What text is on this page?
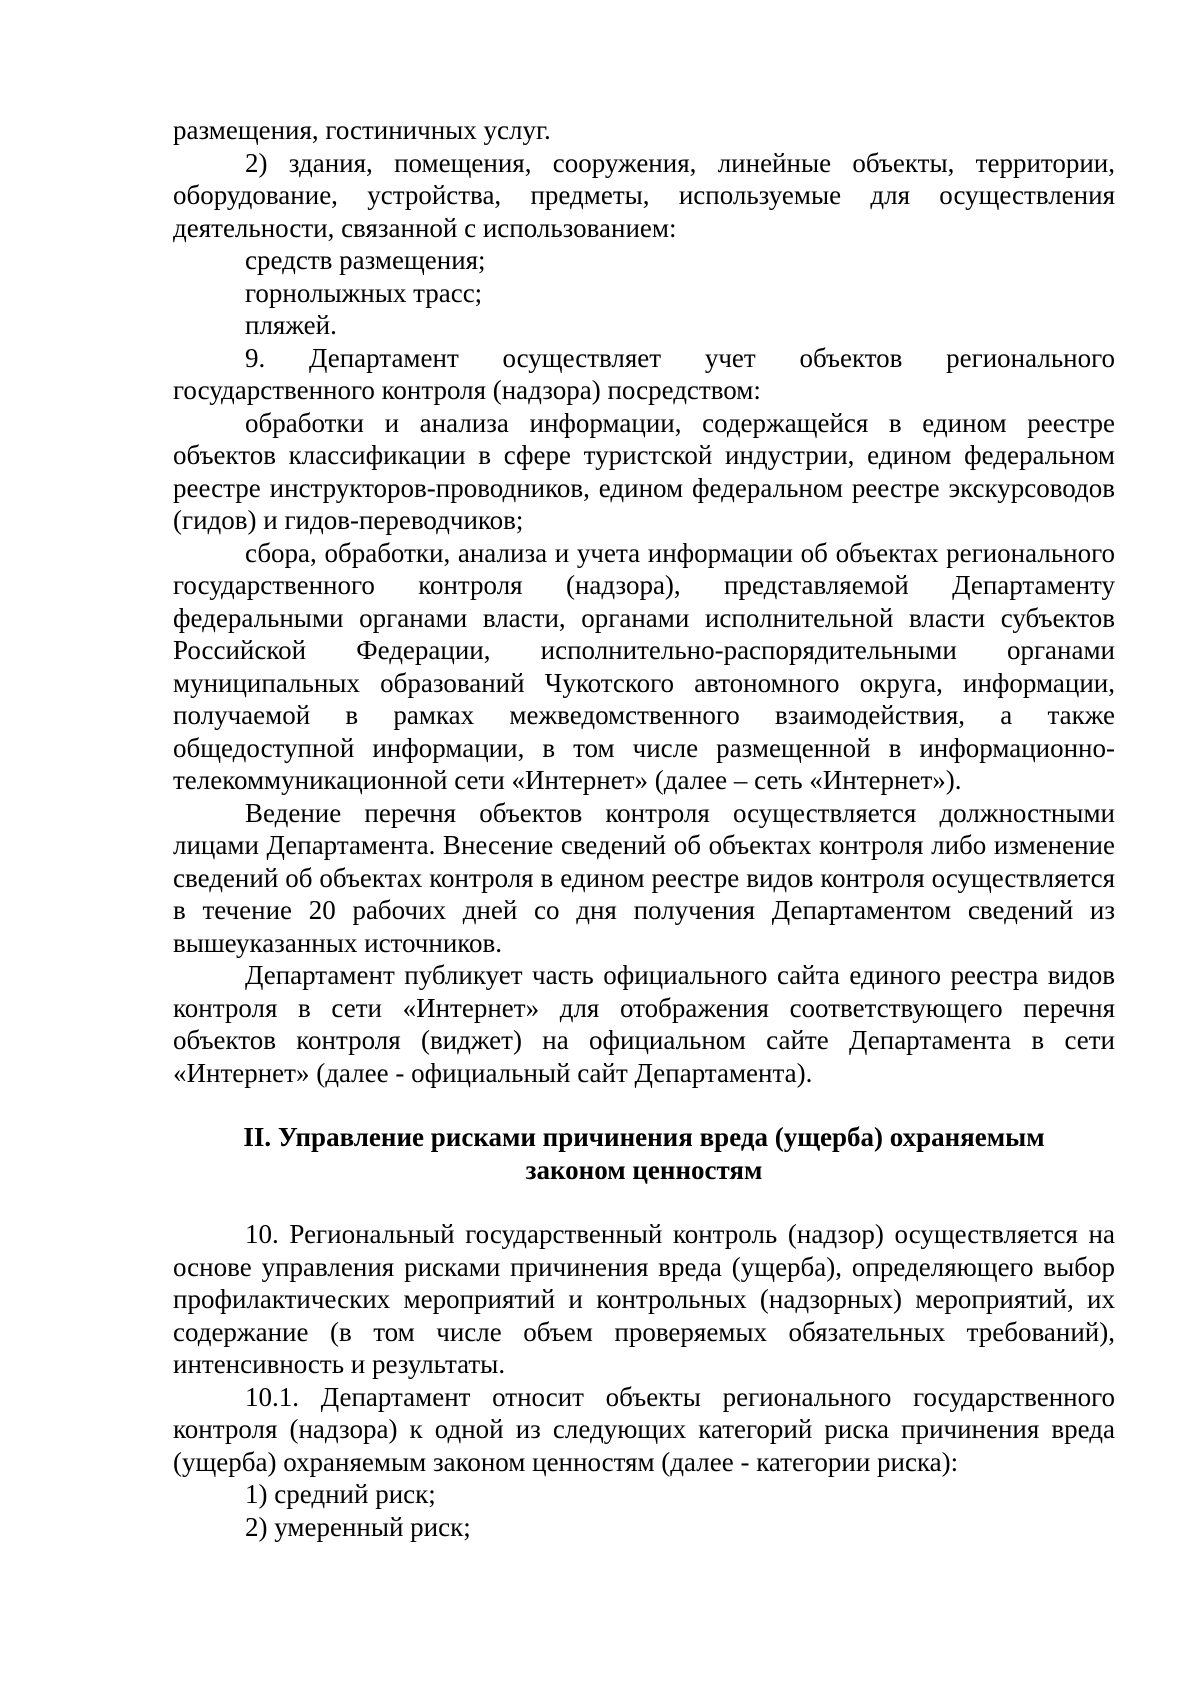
размещения, гостиничных услуг.

2) здания, помещения, сооружения, линейные объекты, территории, оборудование, устройства, предметы, используемые для осуществления деятельности, связанной с использованием:

средств размещения;

горнолыжных трасс;

пляжей.

9. Департамент осуществляет учет объектов регионального государственного контроля (надзора) посредством:

обработки и анализа информации, содержащейся в едином реестре объектов классификации в сфере туристской индустрии, едином федеральном реестре инструкторов-проводников, едином федеральном реестре экскурсоводов (гидов) и гидов-переводчиков;

сбора, обработки, анализа и учета информации об объектах регионального государственного контроля (надзора), представляемой Департаменту федеральными органами власти, органами исполнительной власти субъектов Российской Федерации, исполнительно-распорядительными органами муниципальных образований Чукотского автономного округа, информации, получаемой в рамках межведомственного взаимодействия, а также общедоступной информации, в том числе размещенной в информационно-телекоммуникационной сети «Интернет» (далее – сеть «Интернет»).

Ведение перечня объектов контроля осуществляется должностными лицами Департамента. Внесение сведений об объектах контроля либо изменение сведений об объектах контроля в едином реестре видов контроля осуществляется в течение 20 рабочих дней со дня получения Департаментом сведений из вышеуказанных источников.

Департамент публикует часть официального сайта единого реестра видов контроля в сети «Интернет» для отображения соответствующего перечня объектов контроля (виджет) на официальном сайте Департамента в сети «Интернет» (далее - официальный сайт Департамента).

II. Управление рисками причинения вреда (ущерба) охраняемым законом ценностям

10. Региональный государственный контроль (надзор) осуществляется на основе управления рисками причинения вреда (ущерба), определяющего выбор профилактических мероприятий и контрольных (надзорных) мероприятий, их содержание (в том числе объем проверяемых обязательных требований), интенсивность и результаты.

10.1. Департамент относит объекты регионального государственного контроля (надзора) к одной из следующих категорий риска причинения вреда (ущерба) охраняемым законом ценностям (далее - категории риска):

1) средний риск;

2) умеренный риск;
